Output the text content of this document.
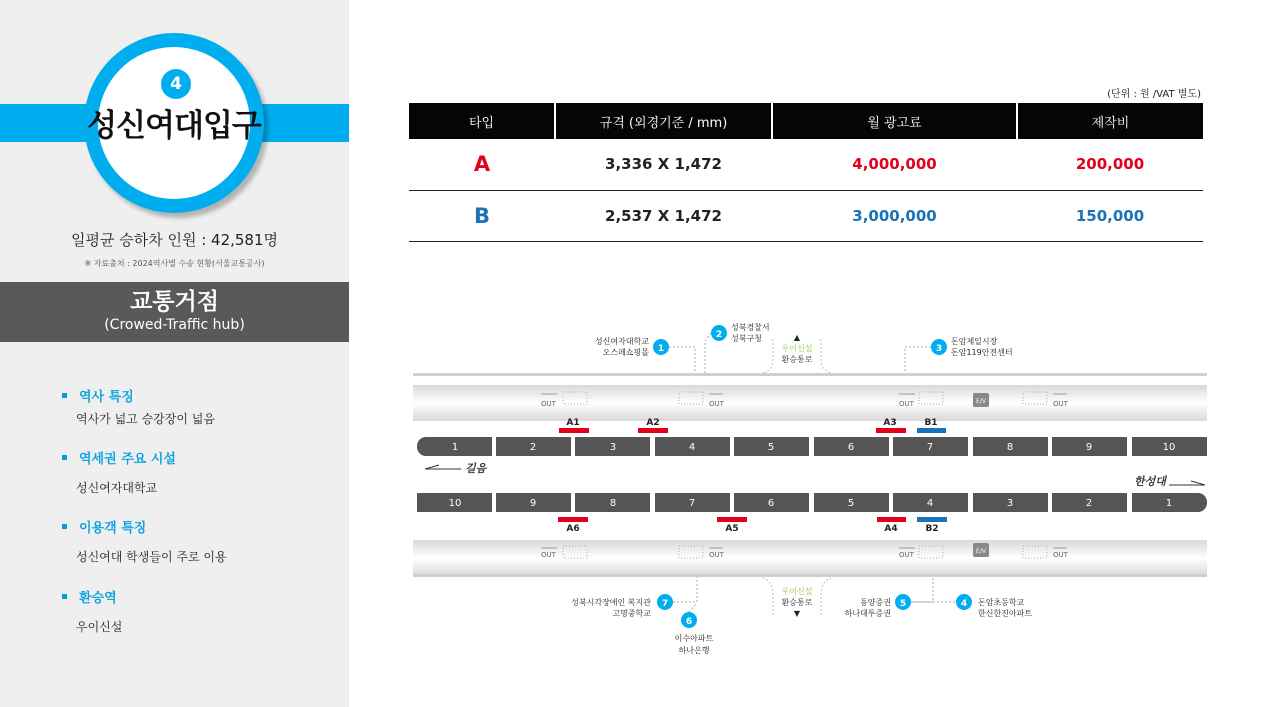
4
성신여대입구
일평균 승하차 인원 : 42,581명
※ 자료출처 : 2024역사별 수송 현황(서울교통공사)
교통거점
(Crowed-Traffic hub)
역사 특징
역사가 넓고 승강장이 넓음
역세권 주요 시설
성신여자대학교
이용객 특징
성신여대 학생들이 주로 이용
환승역
우이신설
(단위 : 원 /VAT 별도)
타입	규격 (외경기준 / mm)	월 광고료	제작비
A	3,336 X 1,472	4,000,000	200,000
B	2,537 X 1,472	3,000,000	150,000
OUT	OUT	OUT	E/V	OUT
OUT	OUT	OUT	E/V	OUT
A1	A2	A3	B1
1	2	3	4	5	6	7	8	9	10
길음
한성대
10	9	8	7	6	5	4	3	2	1
A6	A5	A4	B2
▲
우이신설
환승통로
우이신설
환승통로
▼
1
성신여자대학교
오스페쇼핑몰
2
성북경찰서
성북구청
3
돈암제일시장
돈암119안전센터
5
동양증권
하나대투증권
4 돈암초등학교
한신한진아파트
7
성북시각장애인 복지관
고명중학교
6
이수아파트
하나은행
